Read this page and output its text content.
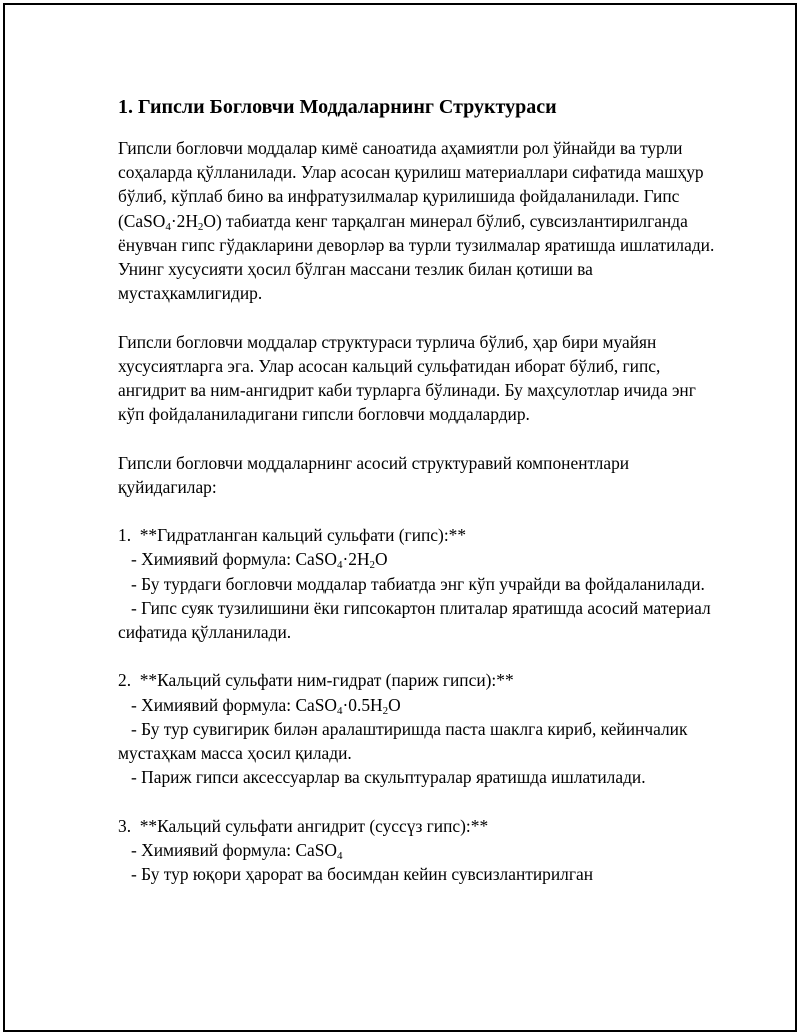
1. Гипсли Богловчи Моддаларнинг Структураси

Гипсли богловчи моддалар кимё саноатида аҳамиятли рол ўйнайди ва турли соҳаларда қўлланилади. Улар асосан қурилиш материаллари сифатида машҳур бўлиб, кўплаб бино ва инфратузилмалар қурилишида фойдаланилади. Гипс $(CaSO_4\cdot 2H_2O)$ табиатда кенг тарқалган минерал бўлиб, сувсизлантирилганда ёнувчан гипс гўдакларини деворләр ва турли тузилмалар яратишда ишлатилади. Унинг хусусияти ҳосил бўлган массани тезлик билан қотиши ва мустаҳкамлигидир.

Гипсли богловчи моддалар структураси турлича бўлиб, ҳар бири муайян хусусиятларга эга. Улар асосан кальций сульфатидан иборат бўлиб, гипс, ангидрит ва ним-ангидрит каби турларга бўлинади. Бу маҳсулотлар ичида энг кўп фойдаланиладигани гипсли богловчи моддалардир.

Гипсли богловчи моддаларнинг асосий структуравий компонентлари қуйидагилар:

1.  **Гидратланган кальций сульфати (гипс):**

- Химиявий формула: $CaSO_4\cdot 2H_2O$

- Бу турдаги богловчи моддалар табиатда энг кўп учрайди ва фойдаланилади.

- Гипс суяк тузилишини ёки гипсокартон плиталар яратишда асосий материал сифатида қўлланилади.

2.  **Кальций сульфати ним-гидрат (париж гипси):**

- Химиявий формула: $CaSO_4\cdot 0.5H_2O$

- Бу тур сувигирик билән аралаштиришда паста шаклга кириб, кейинчалик мустаҳкам масса ҳосил қилади.

- Париж гипси аксессуарлар ва скульптуралар яратишда ишлатилади.

3.  **Кальций сульфати ангидрит (суссүз гипс):**

- Химиявий формула: CaSO$_4$

- Бу тур юқори ҳарорат ва босимдан кейин сувсизлантирилган
